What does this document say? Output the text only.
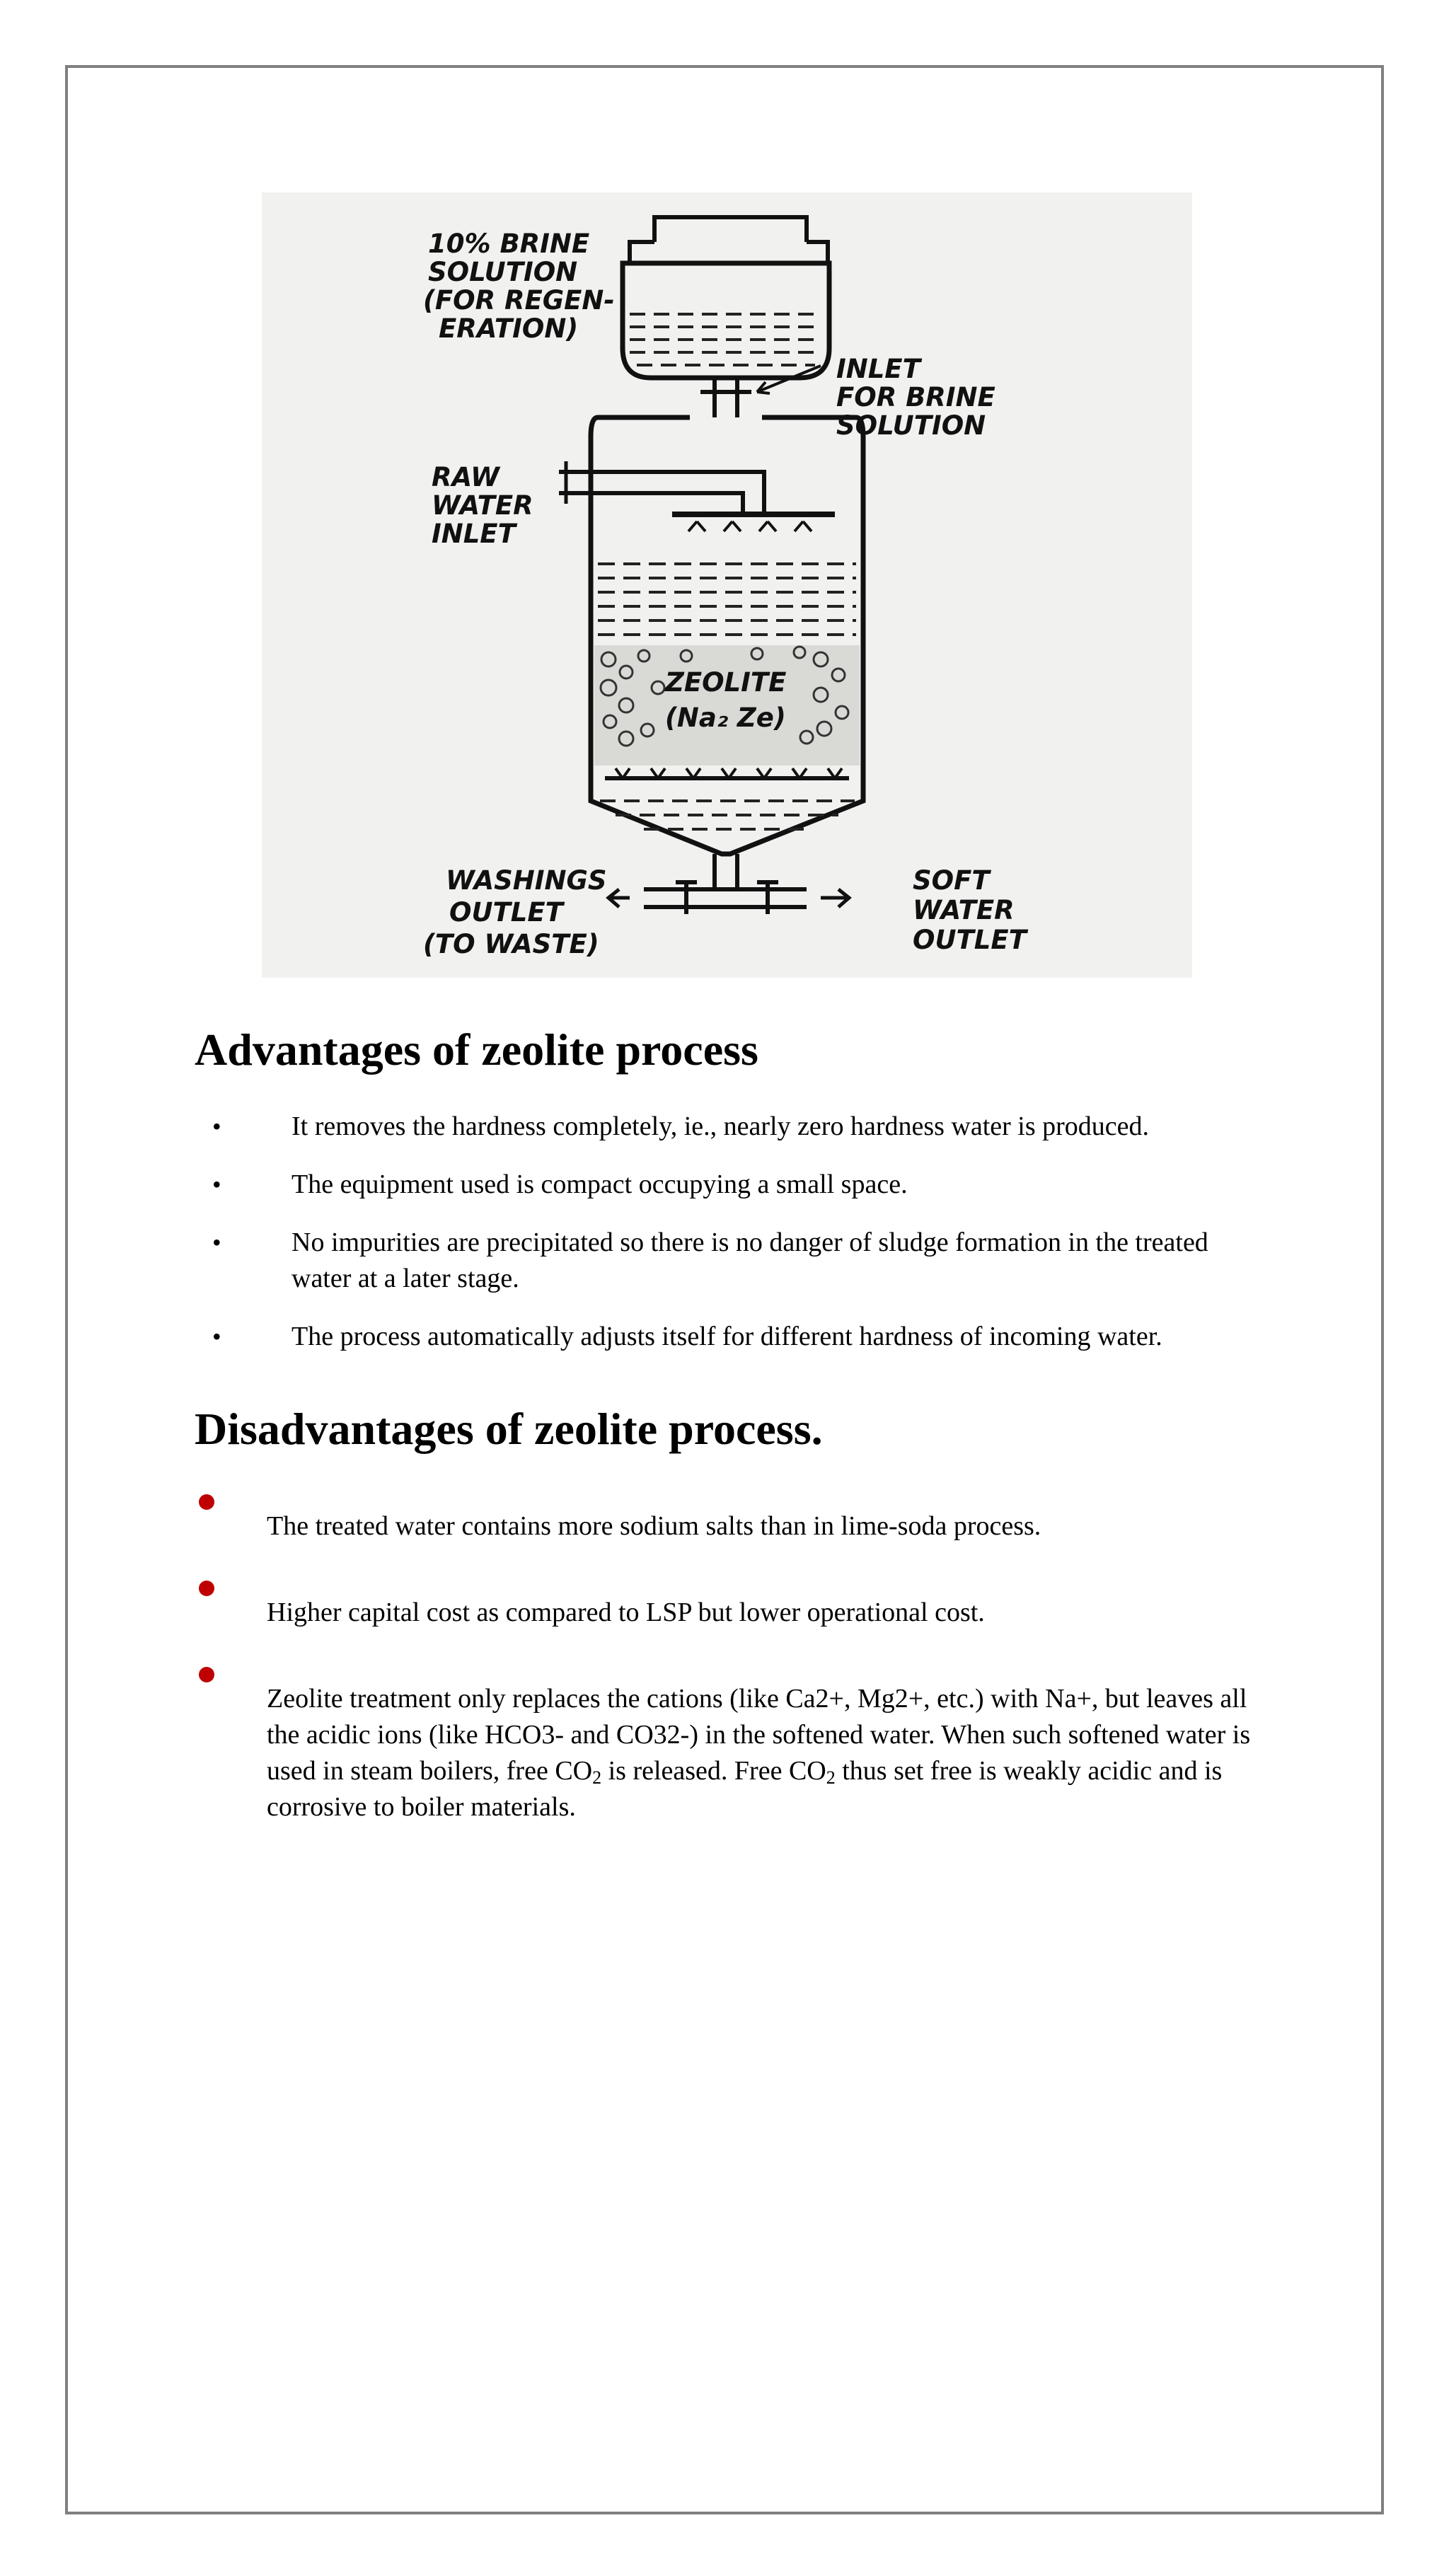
10% BRINE
SOLUTION
(FOR REGEN-
ERATION)
INLET
FOR BRINE
SOLUTION
RAW
WATER
INLET
ZEOLITE
(Na₂ Ze)
WASHINGS
OUTLET
(TO WASTE)
SOFT
WATER
OUTLET
Advantages of zeolite process
•	It removes the hardness completely, ie., nearly zero hardness water is produced.
•	The equipment used is compact occupying a small space.
•	No impurities are precipitated so there is no danger of sludge formation in the treated water at a later stage.
•	The process automatically adjusts itself for different hardness of incoming water.
Disadvantages of zeolite process.
The treated water contains more sodium salts than in lime-soda process.
Higher capital cost as compared to LSP but lower operational cost.
Zeolite treatment only replaces the cations (like Ca2+, Mg2+, etc.) with Na+, but leaves all the acidic ions (like HCO3- and CO32-) in the softened water. When such softened water is used in steam boilers, free $CO_2$ is released. Free $CO_2$ thus set free is weakly acidic and is corrosive to boiler materials.
